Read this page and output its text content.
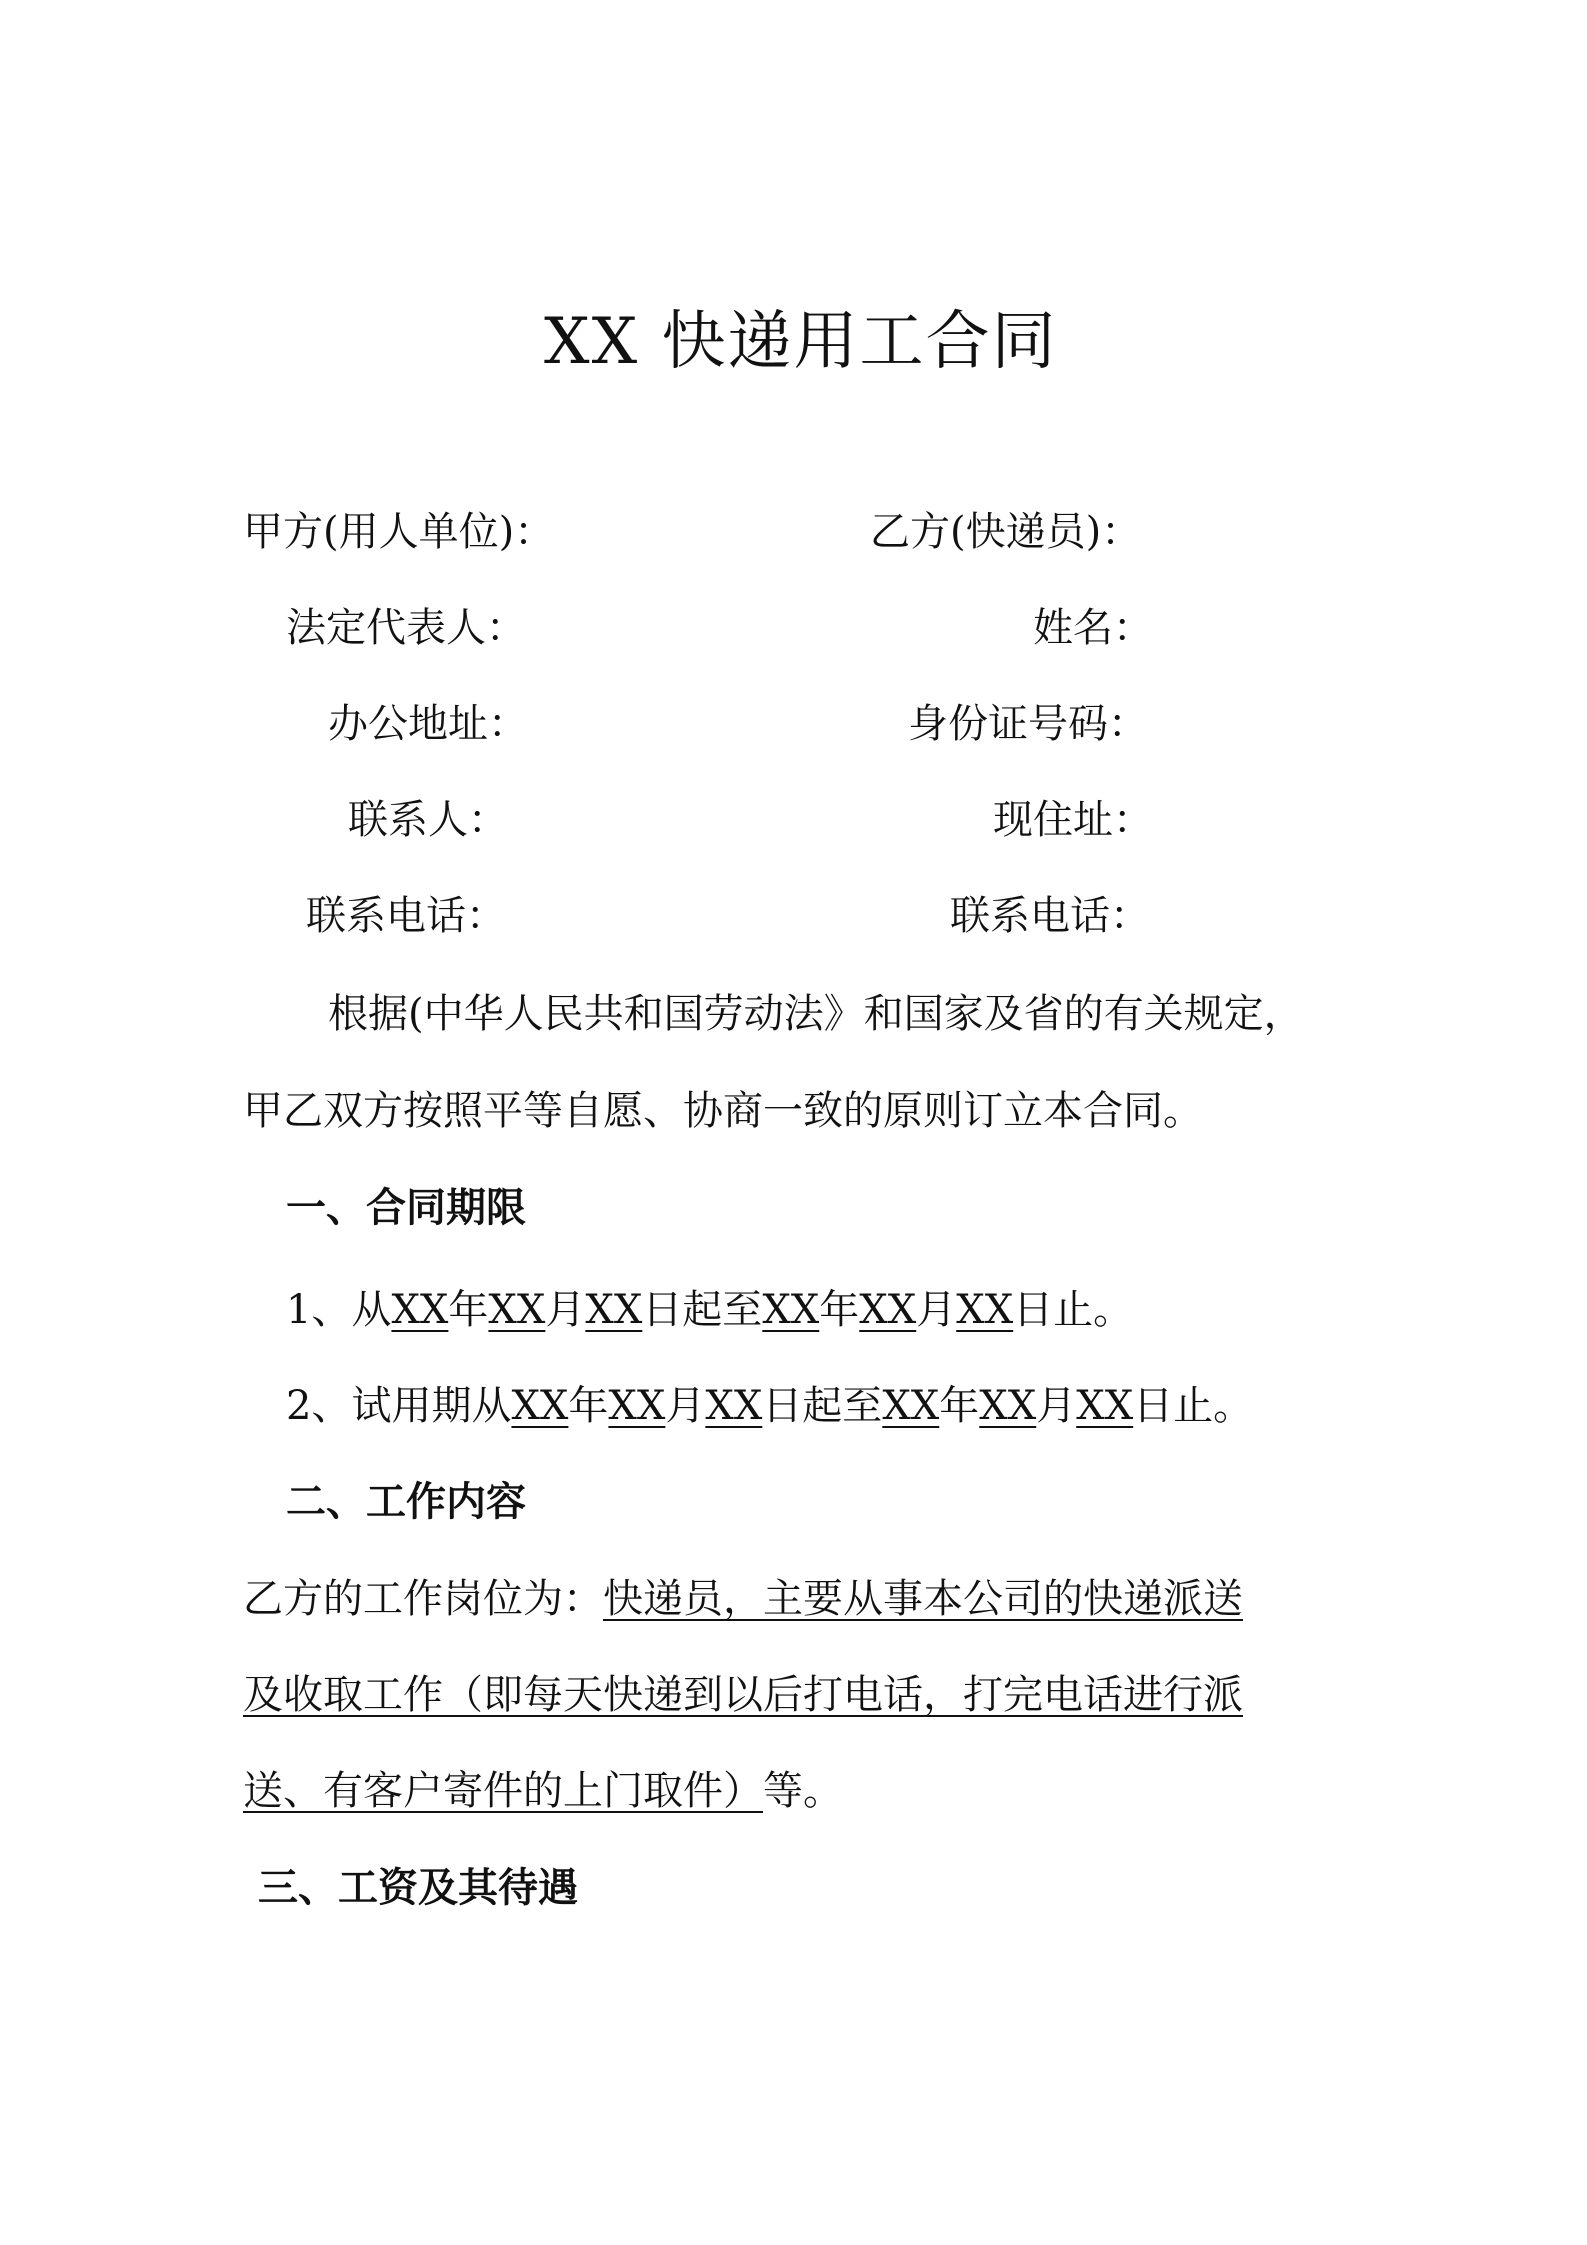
XX 快递用工合同
甲方(用人单位)：	乙方(快递员)：
法定代表人：	姓名：
办公地址：	身份证号码：
联系人：	现住址：
联系电话：	联系电话：
根据(中华人民共和国劳动法》和国家及省的有关规定，
甲乙双方按照平等自愿、协商一致的原则订立本合同。
一、合同期限
1、从XX年XX月XX日起至XX年XX月XX日止。
2、试用期从XX年XX月XX日起至XX年XX月XX日止。
二、工作内容
乙方的工作岗位为：快递员，主要从事本公司的快递派送
及收取工作（即每天快递到以后打电话，打完电话进行派
送、有客户寄件的上门取件）等。
三、工资及其待遇
